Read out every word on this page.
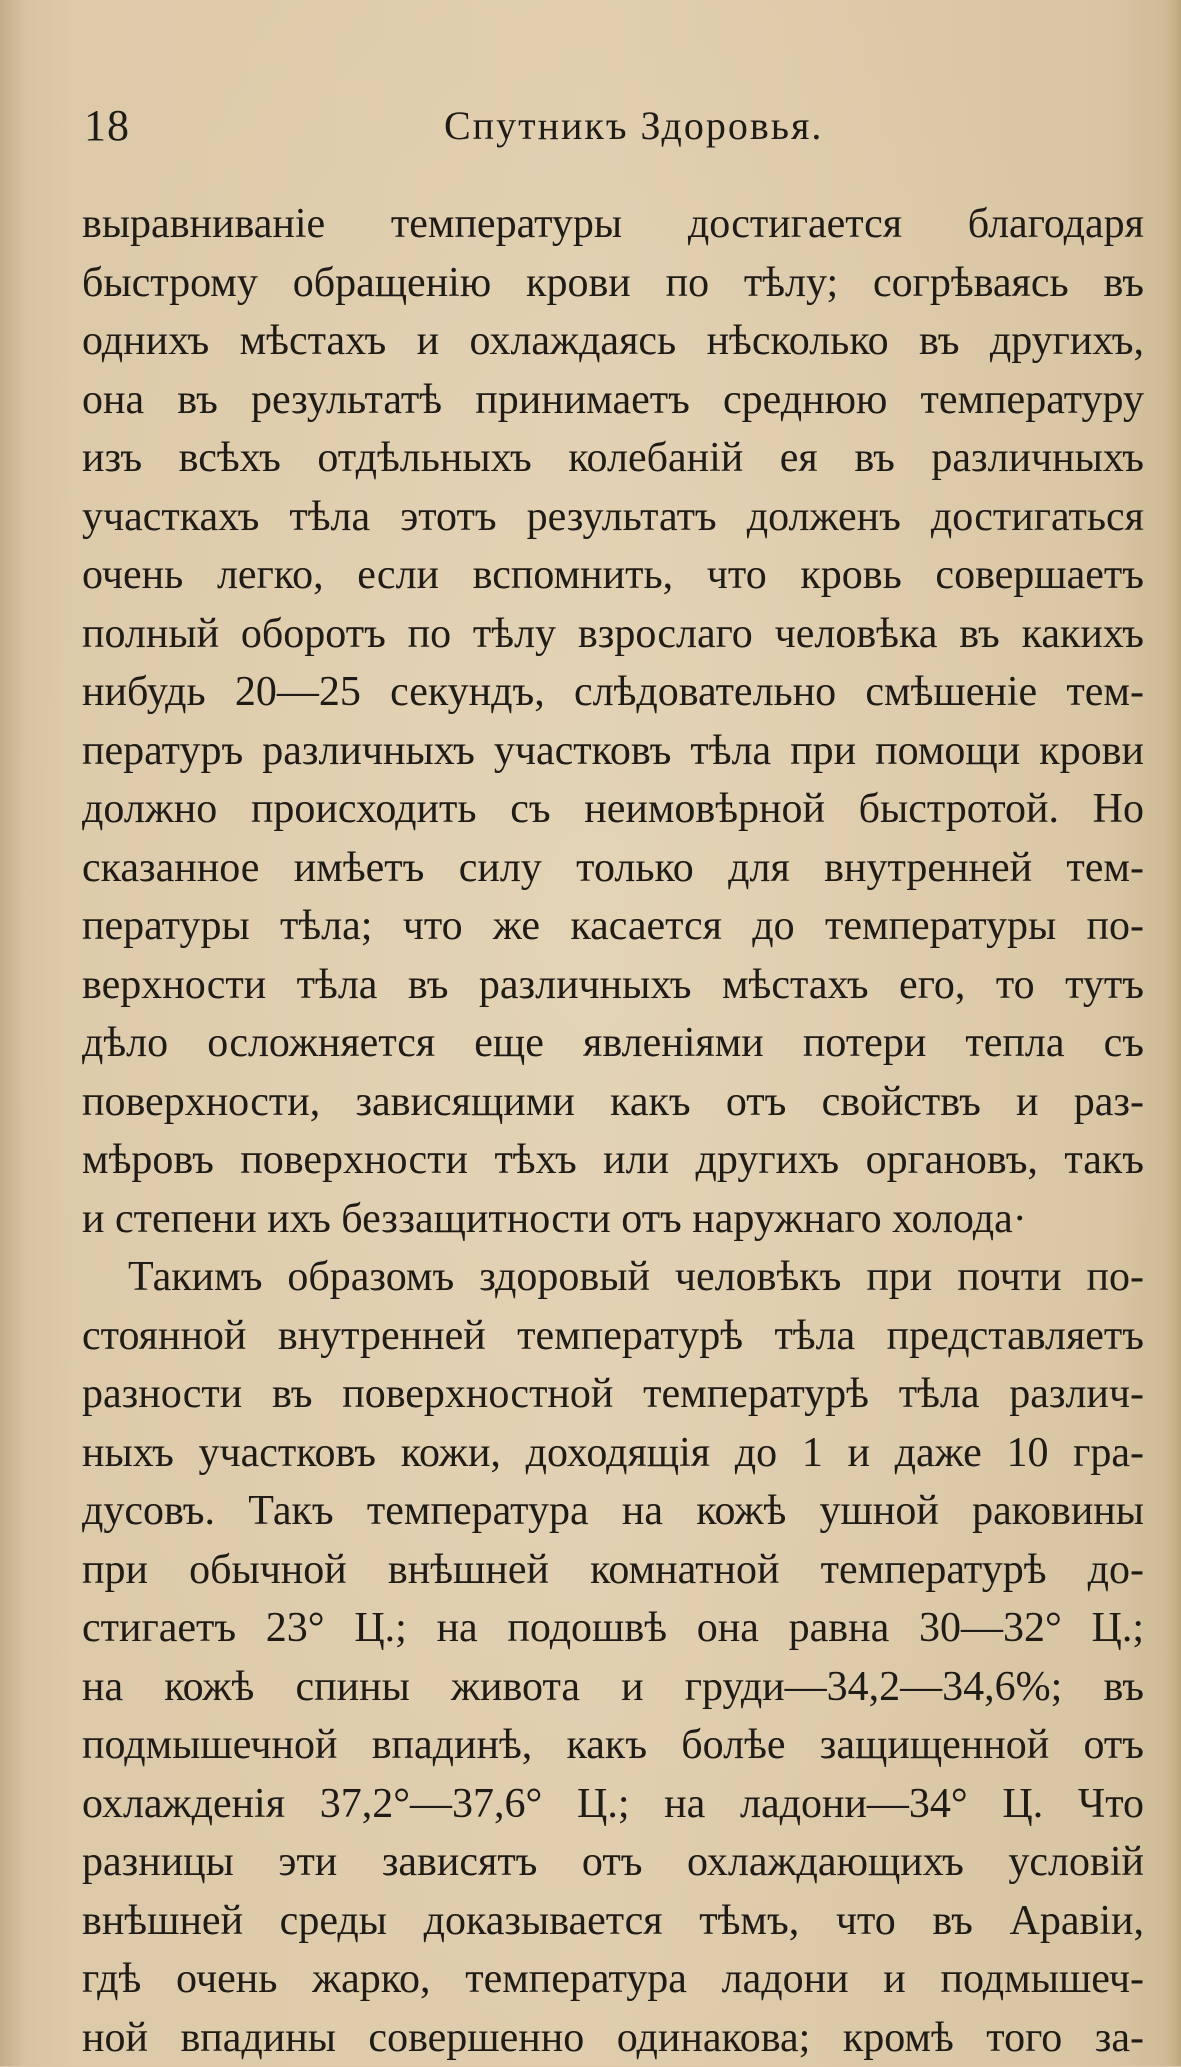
18	Спутникъ Здоровья.
выравниванiе температуры достигается благодаря
быстрому обращенiю крови по тѣлу; согрѣваясь въ
однихъ мѣстахъ и охлаждаясь нѣсколько въ другихъ,
она въ результатѣ принимаетъ среднюю температуру
изъ всѣхъ отдѣльныхъ колебанiй ея въ различныхъ
участкахъ тѣла этотъ результатъ долженъ достигаться
очень легко, если вспомнить, что кровь совершаетъ
полный оборотъ по тѣлу взрослаго человѣка въ какихъ
нибудь 20—25 секундъ, слѣдовательно смѣшенiе тем-
пературъ различныхъ участковъ тѣла при помощи крови
должно происходить съ неимовѣрной быстротой. Но
сказанное имѣетъ силу только для внутренней тем-
пературы тѣла; что же касается до температуры по-
верхности тѣла въ различныхъ мѣстахъ его, то тутъ
дѣло осложняется еще явленiями потери тепла съ
поверхности, зависящими какъ отъ свойствъ и раз-
мѣровъ поверхности тѣхъ или другихъ органовъ, такъ
и степени ихъ беззащитности отъ наружнаго холода·
Такимъ образомъ здоровый человѣкъ при почти по-
стоянной внутренней температурѣ тѣла представляетъ
разности въ поверхностной температурѣ тѣла различ-
ныхъ участковъ кожи, доходящiя до 1 и даже 10 гра-
дусовъ. Такъ температура на кожѣ ушной раковины
при обычной внѣшней комнатной температурѣ до-
стигаетъ 23° Ц.; на подошвѣ она равна 30—32° Ц.;
на кожѣ спины живота и груди—34,2—34,6%; въ
подмышечной впадинѣ, какъ болѣе защищенной отъ
охлажденiя 37,2°—37,6° Ц.; на ладони—34° Ц. Что
разницы эти зависятъ отъ охлаждающихъ условiй
внѣшней среды доказывается тѣмъ, что въ Аравiи,
гдѣ очень жарко, температура ладони и подмышеч-
ной впадины совершенно одинакова; кромѣ того за-
